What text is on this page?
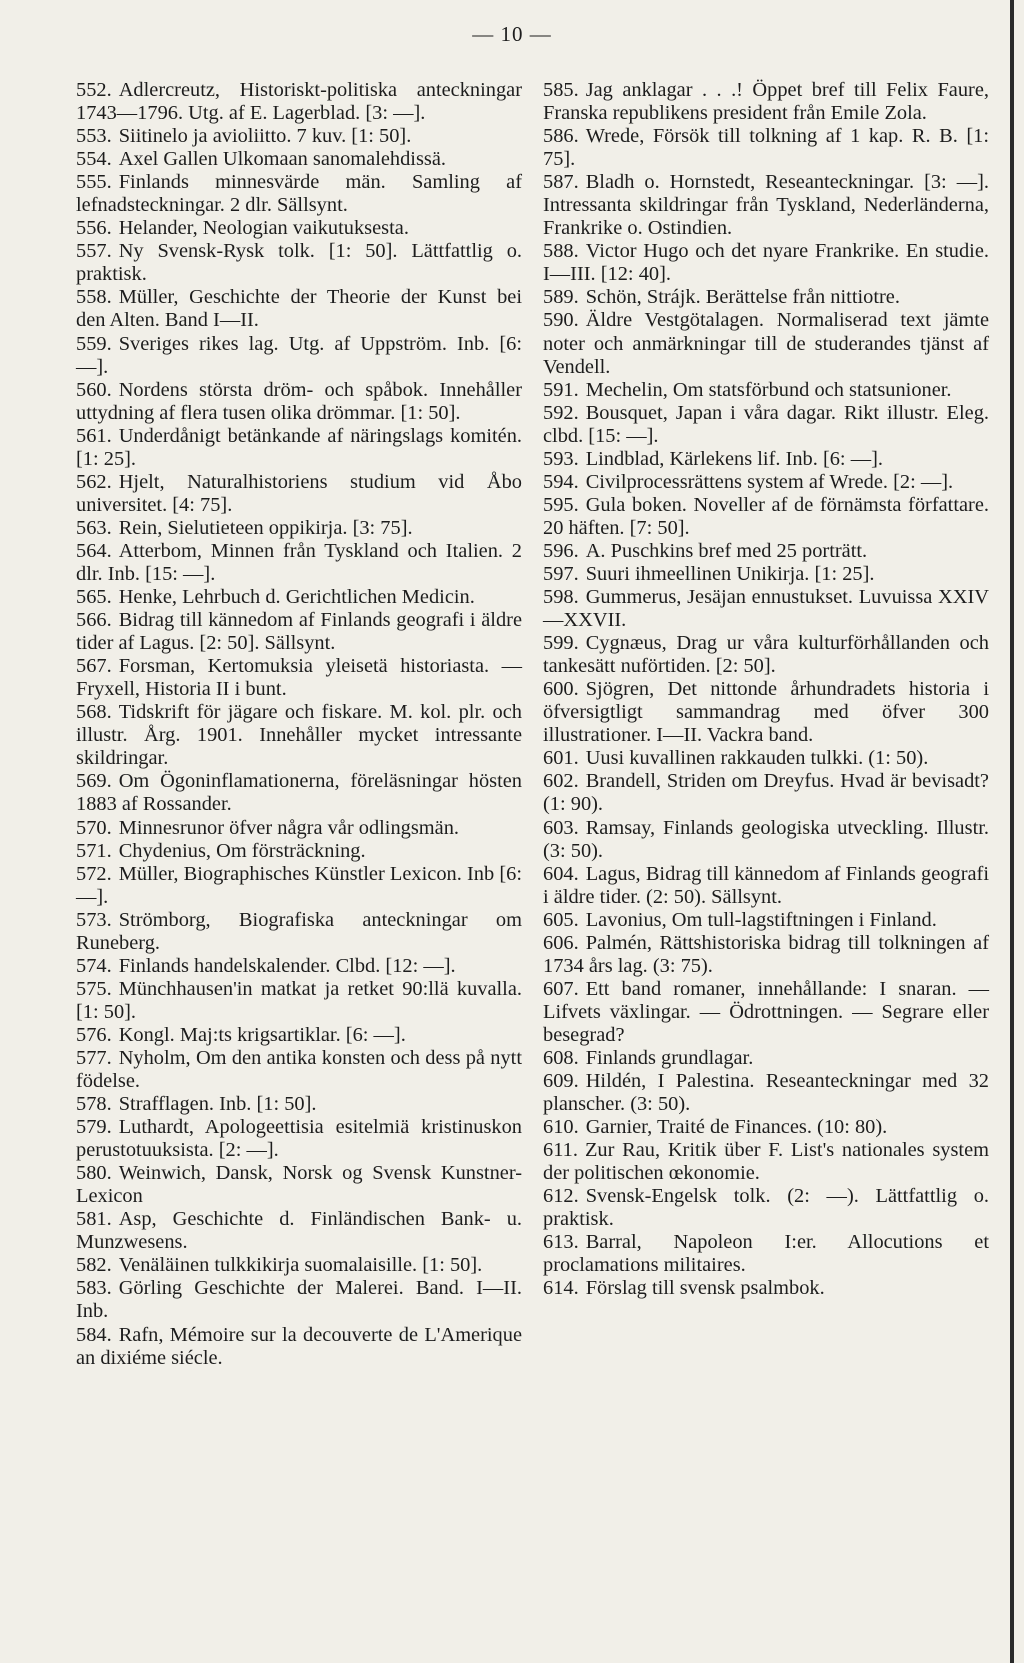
— 10 —

552. Adlercreutz, Historiskt-politiska anteckningar 1743—1796. Utg. af E. Lagerblad. [3: —].

553. Siitinelo ja avioliitto. 7 kuv. [1: 50].

554. Axel Gallen Ulkomaan sanomalehdissä.

555. Finlands minnesvärde män. Samling af lefnadsteckningar. 2 dlr. Sällsynt.

556. Helander, Neologian vaikutuksesta.

557. Ny Svensk-Rysk tolk. [1: 50]. Lättfattlig o. praktisk.

558. Müller, Geschichte der Theorie der Kunst bei den Alten. Band I—II.

559. Sveriges rikes lag. Utg. af Uppström. Inb. [6: —].

560. Nordens största dröm- och spåbok. Innehåller uttydning af flera tusen olika drömmar. [1: 50].

561. Underdånigt betänkande af näringslags komitén. [1: 25].

562. Hjelt, Naturalhistoriens studium vid Åbo universitet. [4: 75].

563. Rein, Sielutieteen oppikirja. [3: 75].

564. Atterbom, Minnen från Tyskland och Italien. 2 dlr. Inb. [15: —].

565. Henke, Lehrbuch d. Gerichtlichen Medicin.

566. Bidrag till kännedom af Finlands geografi i äldre tider af Lagus. [2: 50]. Sällsynt.

567. Forsman, Kertomuksia yleisetä historiasta. — Fryxell, Historia II i bunt.

568. Tidskrift för jägare och fiskare. M. kol. plr. och illustr. Årg. 1901. Innehåller mycket intressante skildringar.

569. Om Ögoninflamationerna, föreläsningar hösten 1883 af Rossander.

570. Minnesrunor öfver några vår odlingsmän.

571. Chydenius, Om försträckning.

572. Müller, Biographisches Künstler Lexicon. Inb [6: —].

573. Strömborg, Biografiska anteckningar om Runeberg.

574. Finlands handelskalender. Clbd. [12: —].

575. Münchhausen'in matkat ja retket 90:llä kuvalla. [1: 50].

576. Kongl. Maj:ts krigsartiklar. [6: —].

577. Nyholm, Om den antika konsten och dess på nytt födelse.

578. Strafflagen. Inb. [1: 50].

579. Luthardt, Apologeettisia esitelmiä kristinuskon perustotuuksista. [2: —].

580. Weinwich, Dansk, Norsk og Svensk Kunstner-Lexicon

581. Asp, Geschichte d. Finländischen Bank- u. Munzwesens.

582. Venäläinen tulkkikirja suomalaisille. [1: 50].

583. Görling Geschichte der Malerei. Band. I—II. Inb.

584. Rafn, Mémoire sur la decouverte de L'Amerique an dixiéme siécle.

585. Jag anklagar . . .! Öppet bref till Felix Faure, Franska republikens president från Emile Zola.

586. Wrede, Försök till tolkning af 1 kap. R. B. [1: 75].

587. Bladh o. Hornstedt, Reseanteckningar. [3: —]. Intressanta skildringar från Tyskland, Nederländerna, Frankrike o. Ostindien.

588. Victor Hugo och det nyare Frankrike. En studie. I—III. [12: 40].

589. Schön, Strájk. Berättelse från nittiotre.

590. Äldre Vestgötalagen. Normaliserad text jämte noter och anmärkningar till de studerandes tjänst af Vendell.

591. Mechelin, Om statsförbund och statsunioner.

592. Bousquet, Japan i våra dagar. Rikt illustr. Eleg. clbd. [15: —].

593. Lindblad, Kärlekens lif. Inb. [6: —].

594. Civilprocessrättens system af Wrede. [2: —].

595. Gula boken. Noveller af de förnämsta författare. 20 häften. [7: 50].

596. A. Puschkins bref med 25 porträtt.

597. Suuri ihmeellinen Unikirja. [1: 25].

598. Gummerus, Jesäjan ennustukset. Luvuissa XXIV—XXVII.

599. Cygnæus, Drag ur våra kulturförhållanden och tankesätt nuförtiden. [2: 50].

600. Sjögren, Det nittonde århundradets historia i öfversigtligt sammandrag med öfver 300 illustrationer. I—II. Vackra band.

601. Uusi kuvallinen rakkauden tulkki. (1: 50).

602. Brandell, Striden om Dreyfus. Hvad är bevisadt? (1: 90).

603. Ramsay, Finlands geologiska utveckling. Illustr. (3: 50).

604. Lagus, Bidrag till kännedom af Finlands geografi i äldre tider. (2: 50). Sällsynt.

605. Lavonius, Om tull-lagstiftningen i Finland.

606. Palmén, Rättshistoriska bidrag till tolkningen af 1734 års lag. (3: 75).

607. Ett band romaner, innehållande: I snaran. — Lifvets växlingar. — Ödrottningen. — Segrare eller besegrad?

608. Finlands grundlagar.

609. Hildén, I Palestina. Reseanteckningar med 32 planscher. (3: 50).

610. Garnier, Traité de Finances. (10: 80).

611. Zur Rau, Kritik über F. List's nationales system der politischen œkonomie.

612. Svensk-Engelsk tolk. (2: —). Lättfattlig o. praktisk.

613. Barral, Napoleon I:er. Allocutions et proclamations militaires.

614. Förslag till svensk psalmbok.
